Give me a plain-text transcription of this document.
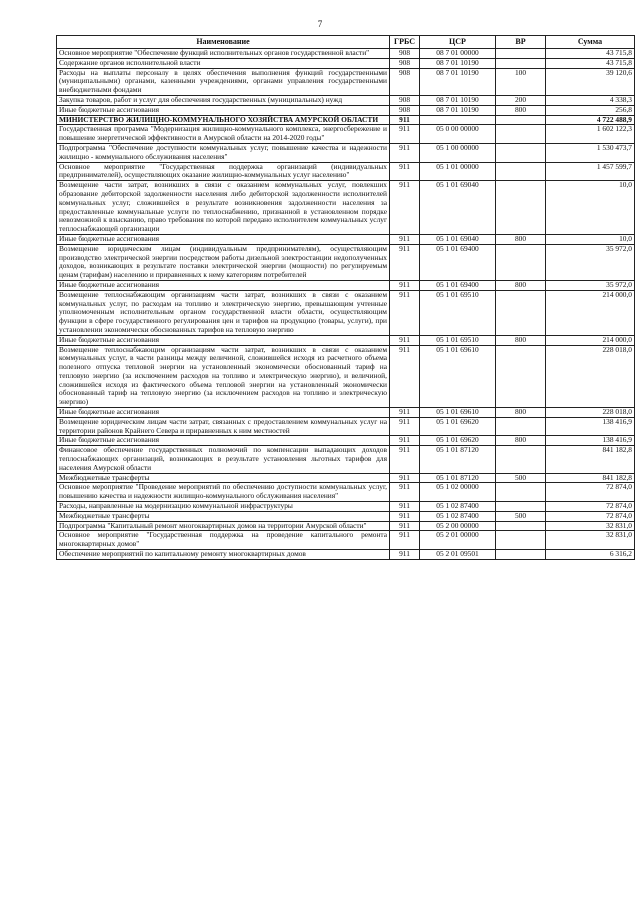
7
Наименование	ГРБС	ЦСР	ВР	Сумма
Основное мероприятие "Обеспечение функций исполнительных органов государственной власти"	908	08 7 01 00000		43 715,8
Содержание органов исполнительной власти	908	08 7 01 10190		43 715,8
Расходы на выплаты персоналу в целях обеспечения выполнения функций государственными (муниципальными) органами, казенными учреждениями, органами управления государственными внебюджетными фондами	908	08 7 01 10190	100	39 120,6
Закупка товаров, работ и услуг для обеспечения государственных (муниципальных) нужд	908	08 7 01 10190	200	4 338,3
Иные бюджетные ассигнования	908	08 7 01 10190	800	256,8
МИНИСТЕРСТВО ЖИЛИЩНО-КОММУНАЛЬНОГО ХОЗЯЙСТВА АМУРСКОЙ ОБЛАСТИ	911			4 722 488,9
Государственная программа "Модернизация жилищно-коммунального комплекса, энергосбережение и повышение энергетической эффективности в Амурской области на 2014-2020 годы"	911	05 0 00 00000		1 602 122,3
Подпрограмма "Обеспечение доступности коммунальных услуг, повышение качества и надежности жилищно - коммунального обслуживания населения"	911	05 1 00 00000		1 530 473,7
Основное мероприятие "Государственная поддержка организаций (индивидуальных предпринимателей), осуществляющих оказание жилищно-коммунальных услуг населению"	911	05 1 01 00000		1 457 599,7
Возмещение части затрат, возникших в связи с оказанием коммунальных услуг, повлекших образование дебиторской задолженности населения либо дебиторской задолженности исполнителей коммунальных услуг, сложившейся в результате возникновения задолженности населения за предоставленные коммунальные услуги по теплоснабжению, признанной в установленном порядке невозможной к взысканию, право требования по которой передано исполнителем коммунальных услуг теплоснабжающей организации	911	05 1 01 69040		10,0
Иные бюджетные ассигнования	911	05 1 01 69040	800	10,0
Возмещение юридическим лицам (индивидуальным предпринимателям), осуществляющим производство электрической энергии посредством работы дизельной электростанции недополученных доходов, возникающих в результате поставки электрической энергии (мощности) по регулируемым ценам (тарифам) населению и приравненных к нему категориям потребителей	911	05 1 01 69400		35 972,0
Иные бюджетные ассигнования	911	05 1 01 69400	800	35 972,0
Возмещение теплоснабжающим организациям части затрат, возникших в связи с оказанием коммунальных услуг, по расходам на топливо и электрическую энергию, превышающим учтенные уполномоченным исполнительным органом государственной власти области, осуществляющим функции в сфере государственного регулирования цен и тарифов на продукцию (товары, услуги), при установлении экономически обоснованных тарифов на тепловую энергию	911	05 1 01 69510		214 000,0
Иные бюджетные ассигнования	911	05 1 01 69510	800	214 000,0
Возмещение теплоснабжающим организациям части затрат, возникших в связи с оказанием коммунальных услуг, в части разницы между величиной, сложившейся исходя из расчетного объема полезного отпуска тепловой энергии на установленный экономически обоснованный тариф на тепловую энергию (за исключением расходов на топливо и электрическую энергию), и величиной, сложившейся исходя из фактического объема тепловой энергии на установленный экономически обоснованный тариф на тепловую энергию (за исключением расходов на топливо и электрическую энергию)	911	05 1 01 69610		228 018,0
Иные бюджетные ассигнования	911	05 1 01 69610	800	228 018,0
Возмещение юридическим лицам части затрат, связанных с предоставлением коммунальных услуг на территории районов Крайнего Севера и приравненных к ним местностей	911	05 1 01 69620		138 416,9
Иные бюджетные ассигнования	911	05 1 01 69620	800	138 416,9
Финансовое обеспечение государственных полномочий по компенсации выпадающих доходов теплоснабжающих организаций, возникающих в результате установления льготных тарифов для населения Амурской области	911	05 1 01 87120		841 182,8
Межбюджетные трансферты	911	05 1 01 87120	500	841 182,8
Основное мероприятие "Проведение мероприятий по обеспечению доступности коммунальных услуг, повышению качества и надежности жилищно-коммунального обслуживания населения"	911	05 1 02 00000		72 874,0
Расходы, направленные на модернизацию коммунальной инфраструктуры	911	05 1 02 87400		72 874,0
Межбюджетные трансферты	911	05 1 02 87400	500	72 874,0
Подпрограмма "Капитальный ремонт многоквартирных домов на территории Амурской области"	911	05 2 00 00000		32 831,0
Основное мероприятие "Государственная поддержка на проведение капитального ремонта многоквартирных домов"	911	05 2 01 00000		32 831,0
Обеспечение мероприятий по капитальному ремонту многоквартирных домов	911	05 2 01 09501		6 316,2
